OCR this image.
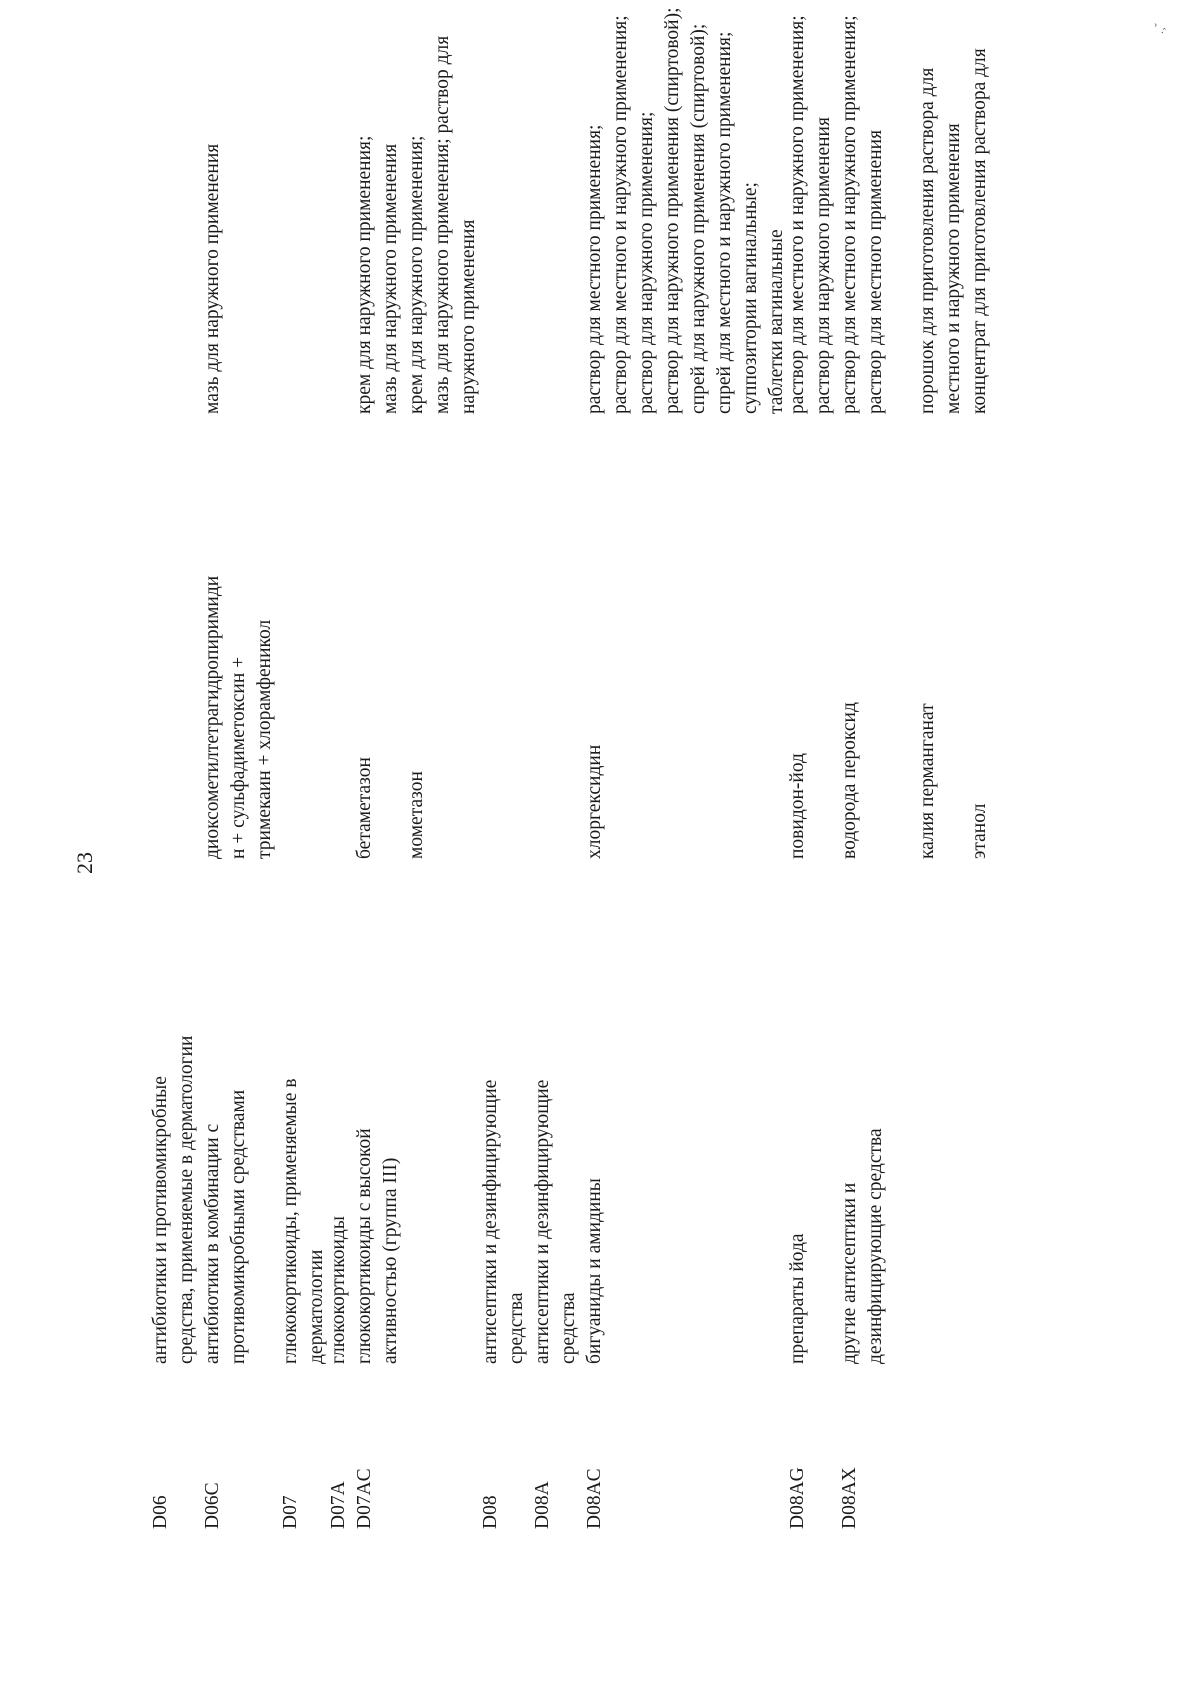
23
.¸ˇ
D06
антибиотики и противомикробные средства, применяемые в дерматологии
D06C
антибиотики в комбинации с противомикробными средствами
диоксометилтетрагидропиримиди н + сульфадиметоксин + тримекаин + хлорамфеникол
мазь для наружного применения
D07
глюкокортикоиды, применяемые в дерматологии
D07A D07AC
глюкокортикоиды глюкокортикоиды с высокой активностью (группа III)

бетаметазон
мометазон

крем для наружного применения; мазь для наружного применения крем для наружного применения; мазь для наружного применения; раствор для наружного применения
D08
антисептики и дезинфицирующие средства
D08A
антисептики и дезинфицирующие средства
D08AC
бигуаниды и амидины
хлоргексидин
раствор для местного применения; раствор для местного и наружного применения; раствор для наружного применения; раствор для наружного применения (спиртовой); спрей для наружного применения (спиртовой); спрей для местного и наружного применения; суппозитории вагинальные; таблетки вагинальные
D08AG
препараты йода
повидон-йод
раствор для местного и наружного применения; раствор для наружного применения
D08AX
другие антисептики и дезинфицирующие средства
водорода пероксид

	калия перманганат
этанол
раствор для местного и наружного применения; раствор для местного применения
порошок для приготовления раствора для местного и наружного применения концентрат для приготовления раствора для
